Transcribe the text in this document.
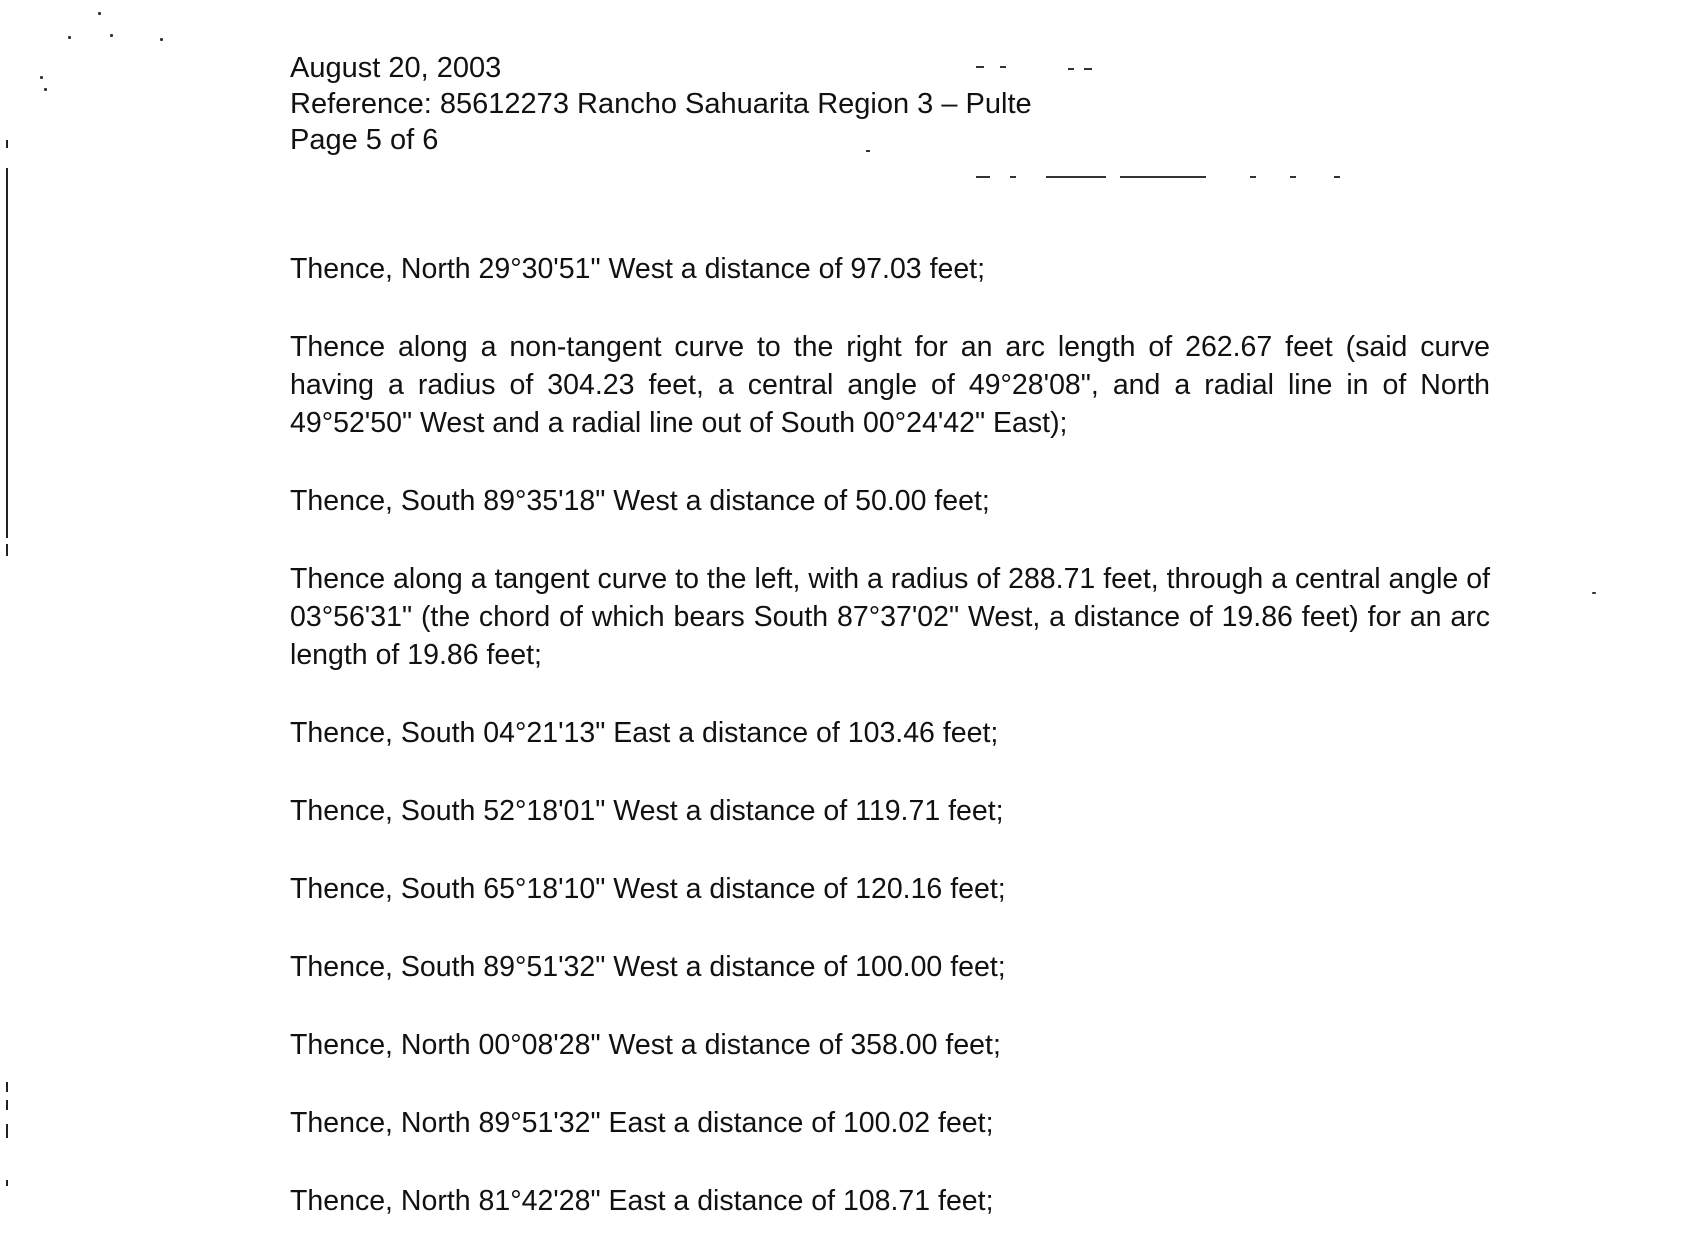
August 20, 2003
Reference: 85612273 Rancho Sahuarita Region 3 – Pulte
Page 5 of 6

Thence, North 29°30'51" West a distance of 97.03 feet;

Thence along a non-tangent curve to the right for an arc length of 262.67 feet (said curve having a radius of 304.23 feet, a central angle of 49°28'08", and a radial line in of North 49°52'50" West and a radial line out of South 00°24'42" East);

Thence, South 89°35'18" West a distance of 50.00 feet;

Thence along a tangent curve to the left, with a radius of 288.71 feet, through a central angle of 03°56'31" (the chord of which bears South 87°37'02" West, a distance of 19.86 feet) for an arc length of 19.86 feet;

Thence, South 04°21'13" East a distance of 103.46 feet;

Thence, South 52°18'01" West a distance of 119.71 feet;

Thence, South 65°18'10" West a distance of 120.16 feet;

Thence, South 89°51'32" West a distance of 100.00 feet;

Thence, North 00°08'28" West a distance of 358.00 feet;

Thence, North 89°51'32" East a distance of 100.02 feet;

Thence, North 81°42'28" East a distance of 108.71 feet;
